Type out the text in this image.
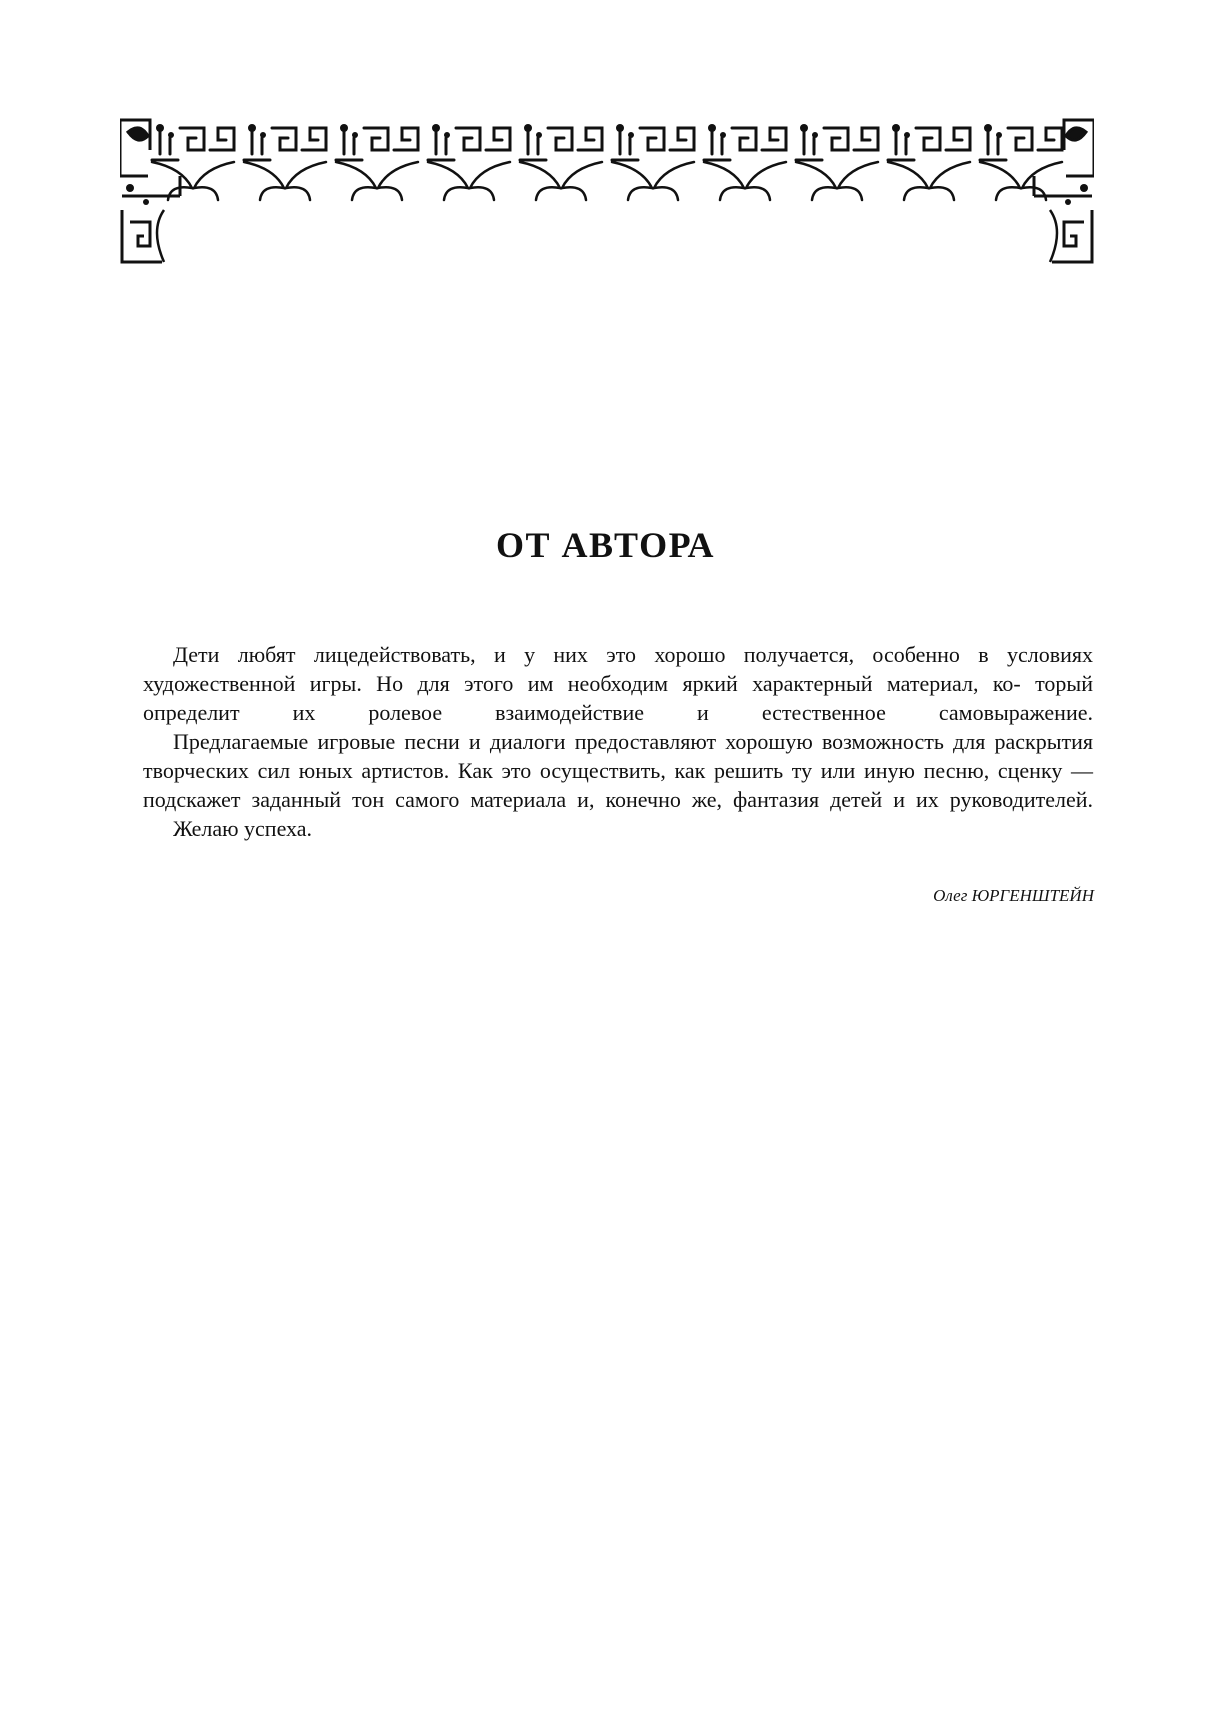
ОТ АВТОРА

Дети любят лицедействовать, и у них это хорошо получается, особенно в условиях художественной игры. Но для этого им необходим яркий характерный материал, ко- торый определит их ролевое взаимодействие и естественное самовыражение.

Предлагаемые игровые песни и диалоги предоставляют хорошую возможность для раскрытия творческих сил юных артистов. Как это осуществить, как решить ту или иную песню, сценку — подскажет заданный тон самого материала и, конечно же, фантазия детей и их руководителей.

Желаю успеха.

Олег ЮРГЕНШТЕЙН
